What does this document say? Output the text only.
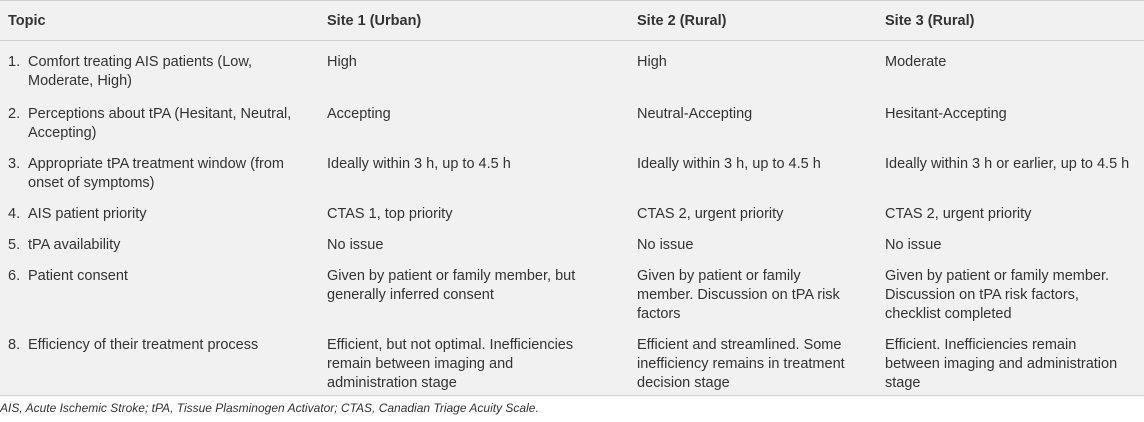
Topic	Site 1 (Urban)	Site 2 (Rural)	Site 3 (Rural)
1. Comfort treating AIS patients (Low, Moderate, High)	High	High	Moderate
2. Perceptions about tPA (Hesitant, Neutral, Accepting)	Accepting	Neutral-Accepting	Hesitant-Accepting
3. Appropriate tPA treatment window (from onset of symptoms)	Ideally within 3 h, up to 4.5 h	Ideally within 3 h, up to 4.5 h	Ideally within 3 h or earlier, up to 4.5 h
4. AIS patient priority	CTAS 1, top priority	CTAS 2, urgent priority	CTAS 2, urgent priority
5. tPA availability	No issue	No issue	No issue
6. Patient consent	Given by patient or family member, but generally inferred consent	Given by patient or family member. Discussion on tPA risk factors	Given by patient or family member. Discussion on tPA risk factors, checklist completed
8. Efficiency of their treatment process	Efficient, but not optimal. Inefficiencies remain between imaging and administration stage	Efficient and streamlined. Some inefficiency remains in treatment decision stage	Efficient. Inefficiencies remain between imaging and administration stage
AIS, Acute Ischemic Stroke; tPA, Tissue Plasminogen Activator; CTAS, Canadian Triage Acuity Scale.
